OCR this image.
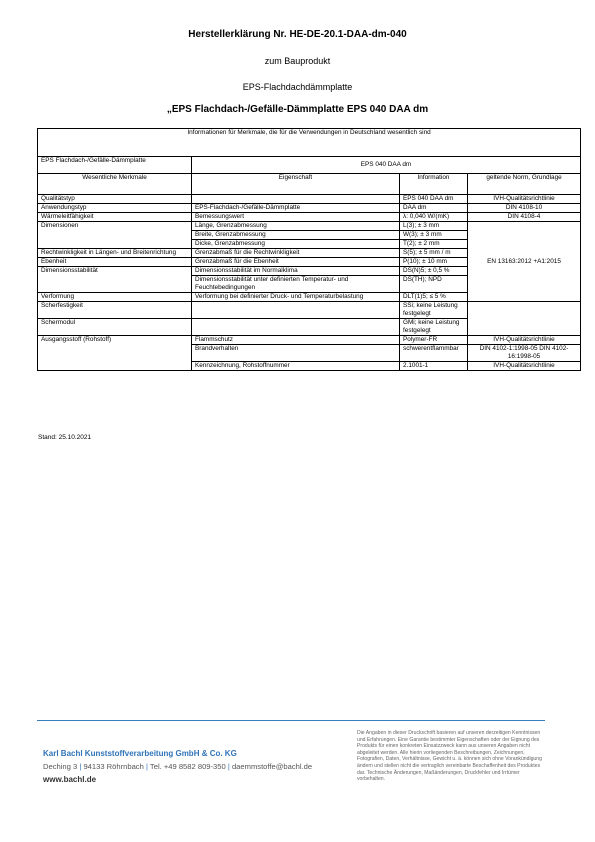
Herstellerklärung Nr. HE-DE-20.1-DAA-dm-040
zum Bauprodukt
EPS-Flachdachdämmplatte
„EPS Flachdach-/Gefälle-Dämmplatte EPS 040 DAA dm
Informationen für Merkmale, die für die Verwendungen in Deutschland wesentlich sind			
EPS Flachdach-/Gefälle-Dämmplatte	EPS 040 DAA dm		
Wesentliche Merkmale	Eigenschaft	Information	geltende Norm, Grundlage
Qualitätstyp		EPS 040 DAA dm	IVH-Qualitätsrichtlinie
Anwendungstyp	EPS-Flachdach-/Gefälle-Dämmplatte	DAA dm	DIN 4108-10
Wärmeleitfähigkeit	Bemessungswert	λ: 0,040 W/(mK)	DIN 4108-4
Dimensionen	Länge, Grenzabmessung	L(3); ± 3 mm	EN 13163:2012 +A1:2015
	Breite, Grenzabmessung	W(3); ± 3 mm	
	Dicke, Grenzabmessung	T(2); ± 2 mm	
Rechtwinkligkeit in Längen- und Breitenrichtung	Grenzabmaß für die Rechtwinkligkeit	S(5); ± 5 mm / m	
Ebenheit	Grenzabmaß für die Ebenheit	P(10); ± 10 mm	
Dimensionsstabilität	Dimensionsstabilität im Normalklima	DS(N)5; ± 0,5 %	
	Dimensionsstabilität unter definierten Temperatur- und Feuchtebedingungen	DS(TH); NPD	
Verformung	Verformung bei definierter Druck- und Temperaturbelastung	DLT(1)5; ≤ 5 %	
Scherfestigkeit		SSi; keine Leistung festgelegt	
Schermodul		GMi; keine Leistung festgelegt	
Ausgangsstoff (Rohstoff)	Flammschutz	Polymer-FR	IVH-Qualitätsrichtlinie
	Brandverhalten	schwerentflammbar	DIN 4102-1:1998-05 DIN 4102-16:1998-05
	Kennzeichnung, Rohstoffnummer	2.1001-1	IVH-Qualitätsrichtlinie
Stand: 25.10.2021
Karl Bachl Kunststoffverarbeitung GmbH & Co. KG
Deching 3 | 94133 Röhrnbach | Tel. +49 8582 809-350 | daemmstoffe@bachl.de
www.bachl.de
Die Angaben in dieser Druckschrift basieren auf unseren derzeitigen Kenntnissen und Erfahrungen. Eine Garantie bestimmter Eigenschaften oder der Eignung des Produkts für einen konkreten Einsatzzweck kann aus unseren Angaben nicht abgeleitet werden. Alle hierin vorliegenden Beschreibungen, Zeichnungen, Fotografien, Daten, Verhältnisse, Gewicht u. ä. können sich ohne Vorankündigung ändern und stellen nicht die vertraglich vereinbarte Beschaffenheit des Produktes dar. Technische Änderungen, Maßänderungen, Druckfehler und Irrtümer vorbehalten.
